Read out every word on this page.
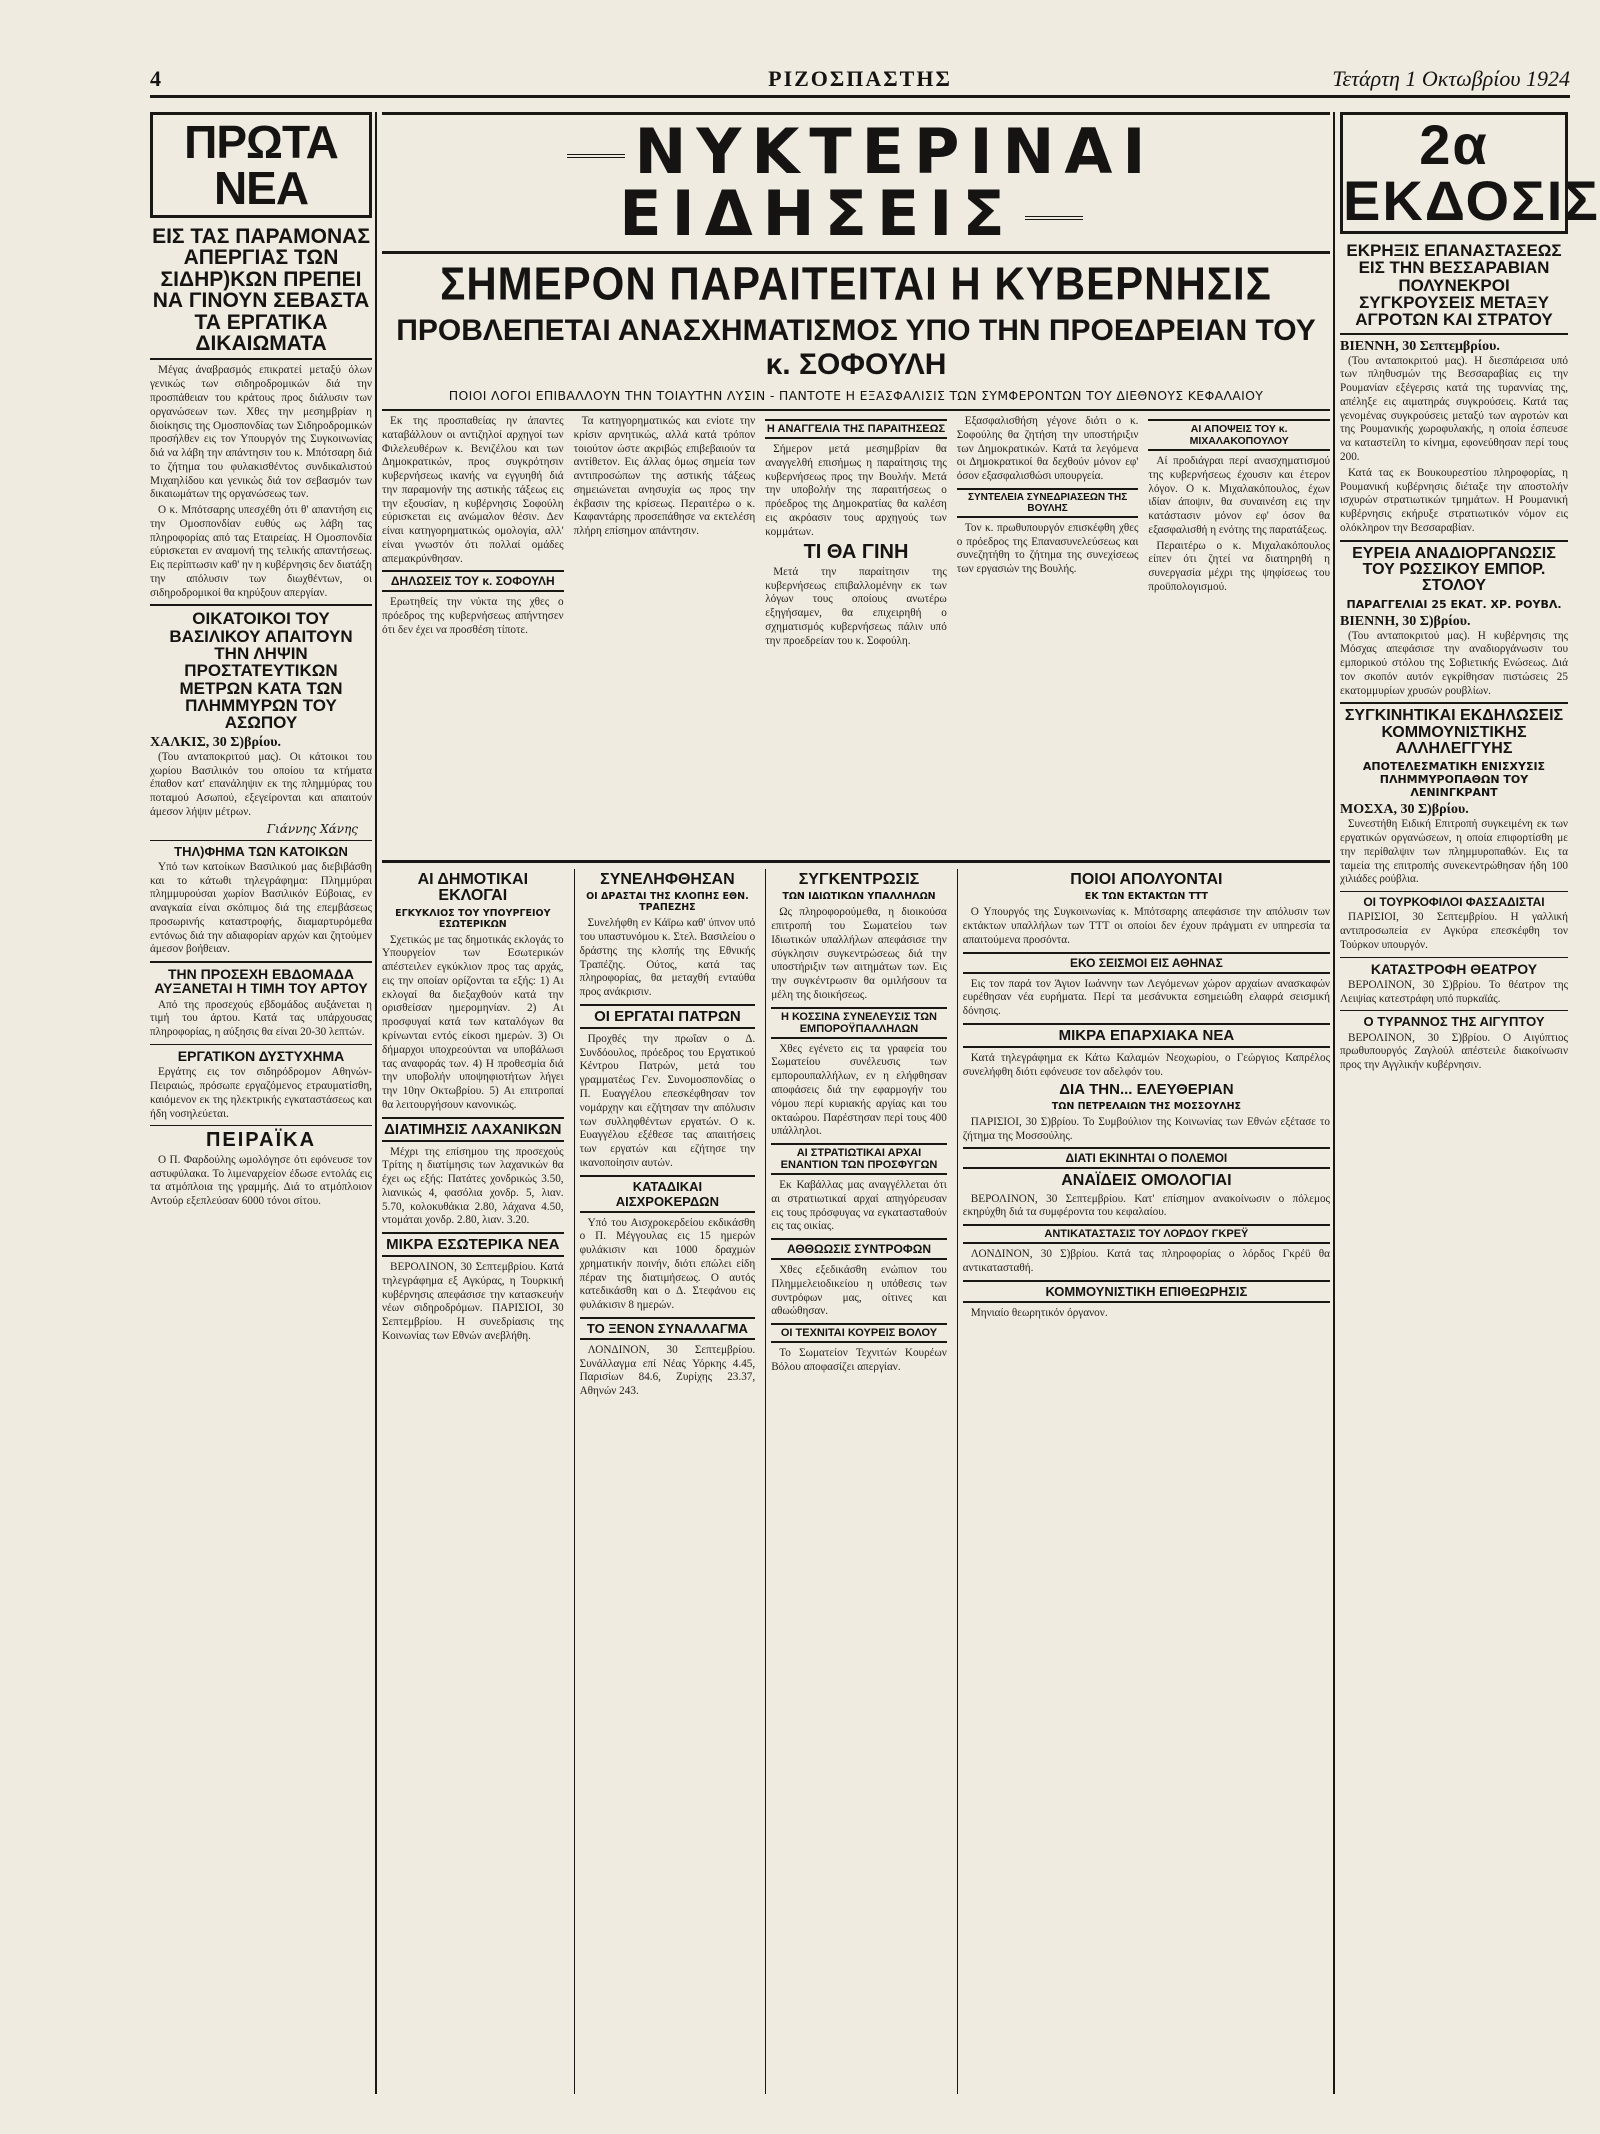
4	ΡΙΖΟΣΠΑΣΤΗΣ	Τετάρτη 1 Οκτωβρίου 1924
ΠΡΩΤΑ ΝΕΑ
ΕΙΣ ΤΑΣ ΠΑΡΑΜΟΝΑΣ ΑΠΕΡΓΙΑΣ ΤΩΝ ΣΙΔΗΡ)ΚΩΝ ΠΡΕΠΕΙ ΝΑ ΓΙΝΟΥΝ ΣΕΒΑΣΤΑ ΤΑ ΕΡΓΑΤΙΚΑ ΔΙΚΑΙΩΜΑΤΑ

Μέγας άναβρασμός επικρατεί μεταξύ όλων γενικώς των σιδηροδρομικών διά την προσπάθειαν του κράτους προς διάλυσιν των οργανώσεων των. Χθες την μεσημβρίαν η διοίκησις της Ομοσπονδίας των Σιδηροδρομικών προσήλθεν εις τον Υπουργόν της Συγκοινωνίας διά να λάβη την απάντησιν του κ. Μπότσαρη διά το ζήτημα του φυλακισθέντος συνδικαλιστού Μιχαηλίδου και γενικώς διά τον σεβασμόν των δικαιωμάτων της οργανώσεως των.

Ο κ. Μπότσαρης υπεσχέθη ότι θ' απαντήση εις την Ομοσπονδίαν ευθύς ως λάβη τας πληροφορίας από τας Εταιρείας. Η Ομοσπονδία εύρισκεται εν αναμονή της τελικής απαντήσεως. Εις περίπτωσιν καθ' ην η κυβέρνησις δεν διατάξη την απόλυσιν των διωχθέντων, οι σιδηροδρομικοί θα κηρύξουν απεργίαν.

ΟΙΚΑΤΟΙΚΟΙ ΤΟΥ ΒΑΣΙΛΙΚΟΥ ΑΠΑΙΤΟΥΝ ΤΗΝ ΛΗΨΙΝ ΠΡΟΣΤΑΤΕΥΤΙΚΩΝ ΜΕΤΡΩΝ ΚΑΤΑ ΤΩΝ ΠΛΗΜΜΥΡΩΝ ΤΟΥ ΑΣΩΠΟΥ
ΧΑΛΚΙΣ, 30 Σ)βρίου.

(Του ανταποκριτού μας). Οι κάτοικοι του χωρίου Βασιλικόν του οποίου τα κτήματα έπαθον κατ' επανάληψιν εκ της πλημμύρας του ποταμού Ασωπού, εξεγείρονται και απαιτούν άμεσον λήψιν μέτρων.

Γιάννης Χάνης
ΤΗΛ)ΦΗΜΑ ΤΩΝ ΚΑΤΟΙΚΩΝ

Υπό των κατοίκων Βασιλικού μας διεβιβάσθη και το κάτωθι τηλεγράφημα: Πλημμύραι πλημμυρούσαι χωρίον Βασιλικόν Εύβοιας, εν αναγκαία είναι σκόπιμος διά της επεμβάσεως προσωρινής καταστροφής, διαμαρτυρόμεθα εντόνως διά την αδιαφορίαν αρχών και ζητούμεν άμεσον βοήθειαν.

ΤΗΝ ΠΡΟΣΕΧΗ ΕΒΔΟΜΑΔΑ ΑΥΞΑΝΕΤΑΙ Η ΤΙΜΗ ΤΟΥ ΑΡΤΟΥ

Από της προσεχούς εβδομάδος αυξάνεται η τιμή του άρτου. Κατά τας υπάρχουσας πληροφορίας, η αύξησις θα είναι 20-30 λεπτών.

ΕΡΓΑΤΙΚΟΝ ΔΥΣΤΥΧΗΜΑ

Εργάτης εις τον σιδηρόδρομον Αθηνών-Πειραιώς, πρόσωπε εργαζόμενος ετραυματίσθη, καιόμενον εκ της ηλεκτρικής εγκαταστάσεως και ήδη νοσηλεύεται.

ΠΕΙΡΑΪΚΑ

Ο Π. Φαρδούλης ωμολόγησε ότι εφόνευσε τον αστυφύλακα. Το λιμεναρχείον έδωσε εντολάς εις τα ατμόπλοια της γραμμής. Διά το ατμόπλοιον Αντούρ εξεπλεύσαν 6000 τόνοι σίτου.

ΝΥΚΤΕΡΙΝΑΙ ΕΙΔΗΣΕΙΣ
ΣΗΜΕΡΟΝ ΠΑΡΑΙΤΕΙΤΑΙ Η ΚΥΒΕΡΝΗΣΙΣ
ΠΡΟΒΛΕΠΕΤΑΙ ΑΝΑΣΧΗΜΑΤΙΣΜΟΣ ΥΠΟ ΤΗΝ ΠΡΟΕΔΡΕΙΑΝ ΤΟΥ κ. ΣΟΦΟΥΛΗ
ΠΟΙΟΙ ΛΟΓΟΙ ΕΠΙΒΑΛΛΟΥΝ ΤΗΝ ΤΟΙΑΥΤΗΝ ΛΥΣΙΝ - ΠΑΝΤΟΤΕ Η ΕΞΑΣΦΑΛΙΣΙΣ ΤΩΝ ΣΥΜΦΕΡΟΝΤΩΝ ΤΟΥ ΔΙΕΘΝΟΥΣ ΚΕΦΑΛΑΙΟΥ

Εκ της προσπαθείας ην άπαντες καταβάλλουν οι αντιζηλοί αρχηγοί των Φιλελευθέρων κ. Βενιζέλου και των Δημοκρατικών, προς συγκρότησιν κυβερνήσεως ικανής να εγγυηθή διά την παραμονήν της αστικής τάξεως εις την εξουσίαν, η κυβέρνησις Σοφούλη εύρισκεται εις ανώμαλον θέσιν. Δεν είναι κατηγορηματικώς ομολογία, αλλ' είναι γνωστόν ότι πολλαί ομάδες απεμακρύνθησαν.

ΔΗΛΩΣΕΙΣ ΤΟΥ κ. ΣΟΦΟΥΛΗ

Ερωτηθείς την νύκτα της χθες ο πρόεδρος της κυβερνήσεως απήντησεν ότι δεν έχει να προσθέση τίποτε.

Τα κατηγορηματικώς και ενίοτε την κρίσιν αρνητικώς, αλλά κατά τρόπον τοιούτον ώστε ακριβώς επιβεβαιούν τα αντίθετον. Εις άλλας όμως σημεία των αντιπροσώπων της αστικής τάξεως σημειώνεται ανησυχία ως προς την έκβασιν της κρίσεως. Περαιτέρω ο κ. Καφαντάρης προσεπάθησε να εκτελέση πλήρη επίσημον απάντησιν.

Η ΑΝΑΓΓΕΛΙΑ ΤΗΣ ΠΑΡΑΙΤΗΣΕΩΣ

Σήμερον μετά μεσημβρίαν θα αναγγελθή επισήμως η παραίτησις της κυβερνήσεως προς την Βουλήν. Μετά την υποβολήν της παραιτήσεως ο πρόεδρος της Δημοκρατίας θα καλέση εις ακρόασιν τους αρχηγούς των κομμάτων.

ΤΙ ΘΑ ΓΙΝΗ

Μετά την παραίτησιν της κυβερνήσεως επιβαλλομένην εκ των λόγων τους οποίους ανωτέρω εξηγήσαμεν, θα επιχειρηθή ο σχηματισμός κυβερνήσεως πάλιν υπό την προεδρείαν του κ. Σοφούλη.

Εξασφαλισθήση γέγονε διότι ο κ. Σοφούλης θα ζητήση την υποστήριξιν των Δημοκρατικών. Κατά τα λεγόμενα οι Δημοκρατικοί θα δεχθούν μόνον εφ' όσον εξασφαλισθώσι υπουργεία.

ΣΥΝΤΕΛΕΙΑ ΣΥΝΕΔΡΙΑΣΕΩΝ ΤΗΣ ΒΟΥΛΗΣ

Τον κ. πρωθυπουργόν επισκέφθη χθες ο πρόεδρος της Επανασυνελεύσεως και συνεζητήθη το ζήτημα της συνεχίσεως των εργασιών της Βουλής.

ΑΙ ΑΠΟΨΕΙΣ ΤΟΥ κ. ΜΙΧΑΛΑΚΟΠΟΥΛΟΥ

Αί προδιάγραι περί ανασχηματισμού της κυβερνήσεως έχουσιν και έτερον λόγον. Ο κ. Μιχαλακόπουλος, έχων ιδίαν άποψιν, θα συναινέση εις την κατάστασιν μόνον εφ' όσον θα εξασφαλισθή η ενότης της παρατάξεως.

Περαιτέρω ο κ. Μιχαλακόπουλος είπεν ότι ζητεί να διατηρηθή η συνεργασία μέχρι της ψηφίσεως του προϋπολογισμού.

ΑΙ ΔΗΜΟΤΙΚΑΙ ΕΚΛΟΓΑΙ
ΕΓΚΥΚΛΙΟΣ ΤΟΥ ΥΠΟΥΡΓΕΙΟΥ ΕΣΩΤΕΡΙΚΩΝ

Σχετικώς με τας δημοτικάς εκλογάς το Υπουργείον των Εσωτερικών απέστειλεν εγκύκλιον προς τας αρχάς, εις την οποίαν ορίζονται τα εξής: 1) Αι εκλογαί θα διεξαχθούν κατά την ορισθείσαν ημερομηνίαν. 2) Αι προσφυγαί κατά των καταλόγων θα κρίνωνται εντός είκοσι ημερών. 3) Οι δήμαρχοι υποχρεούνται να υποβάλωσι τας αναφοράς των. 4) Η προθεσμία διά την υποβολήν υποψηφιοτήτων λήγει την 10ην Οκτωβρίου. 5) Αι επιτροπαί θα λειτουργήσουν κανονικώς.

ΔΙΑΤΙΜΗΣΙΣ ΛΑΧΑΝΙΚΩΝ

Μέχρι της επίσημου της προσεχούς Τρίτης η διατίμησις των λαχανικών θα έχει ως εξής: Πατάτες χονδρικώς 3.50, λιανικώς 4, φασόλια χονδρ. 5, λιαν. 5.70, κολοκυθάκια 2.80, λάχανα 4.50, ντομάται χονδρ. 2.80, λιαν. 3.20.

ΜΙΚΡΑ ΕΣΩΤΕΡΙΚΑ ΝΕΑ

ΒΕΡΟΛΙΝΟΝ, 30 Σεπτεμβρίου. Κατά τηλεγράφημα εξ Αγκύρας, η Τουρκική κυβέρνησις απεφάσισε την κατασκευήν νέων σιδηροδρόμων. ΠΑΡΙΣΙΟΙ, 30 Σεπτεμβρίου. Η συνεδρίασις της Κοινωνίας των Εθνών ανεβλήθη.

ΣΥΝΕΛΗΦΘΗΣΑΝ
ΟΙ ΔΡΑΣΤΑΙ ΤΗΣ ΚΛΟΠΗΣ ΕΘΝ. ΤΡΑΠΕΖΗΣ

Συνελήφθη εν Κάϊρω καθ' ύπνον υπό του υπαστυνόμου κ. Στελ. Βασιλείου ο δράστης της κλοπής της Εθνικής Τραπέζης. Ούτος, κατά τας πληροφορίας, θα μεταχθή ενταύθα προς ανάκρισιν.

ΟΙ ΕΡΓΑΤΑΙ ΠΑΤΡΩΝ

Προχθές την πρωΐαν ο Δ. Συνδόουλος, πρόεδρος του Εργατικού Κέντρου Πατρών, μετά του γραμματέως Γεν. Συνομοσπονδίας ο Π. Ευαγγέλου επεσκέφθησαν τον νομάρχην και εζήτησαν την απόλυσιν των συλληφθέντων εργατών. Ο κ. Ευαγγέλου εξέθεσε τας απαιτήσεις των εργατών και εζήτησε την ικανοποίησιν αυτών.

ΚΑΤΑΔΙΚΑΙ ΑΙΣΧΡΟΚΕΡΔΩΝ

Υπό του Αισχροκερδείου εκδικάσθη ο Π. Μέγγουλας εις 15 ημερών φυλάκισιν και 1000 δραχμών χρηματικήν ποινήν, διότι επώλει είδη πέραν της διατιμήσεως. Ο αυτός κατεδικάσθη και ο Δ. Στεφάνου εις φυλάκισιν 8 ημερών.

ΤΟ ΞΕΝΟΝ ΣΥΝΑΛΛΑΓΜΑ

ΛΟΝΔΙΝΟΝ, 30 Σεπτεμβρίου. Συνάλλαγμα επί Νέας Υόρκης 4.45, Παρισίων 84.6, Ζυρίχης 23.37, Αθηνών 243.

ΣΥΓΚΕΝΤΡΩΣΙΣ
ΤΩΝ ΙΔΙΩΤΙΚΩΝ ΥΠΑΛΛΗΛΩΝ

Ως πληροφορούμεθα, η διοικούσα επιτροπή του Σωματείου των Ιδιωτικών υπαλλήλων απεφάσισε την σύγκλησιν συγκεντρώσεως διά την υποστήριξιν των αιτημάτων των. Εις την συγκέντρωσιν θα ομιλήσουν τα μέλη της διοικήσεως.

Η ΚΟΣΣΙΝΑ ΣΥΝΕΛΕΥΣΙΣ ΤΩΝ ΕΜΠΟΡΟΫΠΑΛΛΗΛΩΝ

Χθες εγένετο εις τα γραφεία του Σωματείου συνέλευσις των εμπορουπαλλήλων, εν η ελήφθησαν αποφάσεις διά την εφαρμογήν του νόμου περί κυριακής αργίας και του οκταώρου. Παρέστησαν περί τους 400 υπάλληλοι.

ΑΙ ΣΤΡΑΤΙΩΤΙΚΑΙ ΑΡΧΑΙ ΕΝΑΝΤΙΟΝ ΤΩΝ ΠΡΟΣΦΥΓΩΝ

Εκ Καβάλλας μας αναγγέλλεται ότι αι στρατιωτικαί αρχαί απηγόρευσαν εις τους πρόσφυγας να εγκατασταθούν εις τας οικίας.

ΑΘΘΩΩΣΙΣ ΣΥΝΤΡΟΦΩΝ

Χθες εξεδικάσθη ενώπιον του Πλημμελειοδικείου η υπόθεσις των συντρόφων μας, οίτινες και αθωώθησαν.

ΟΙ ΤΕΧΝΙΤΑΙ ΚΟΥΡΕΙΣ ΒΟΛΟΥ

Το Σωματείον Τεχνιτών Κουρέων Βόλου αποφασίζει απεργίαν.

ΠΟΙΟΙ ΑΠΟΛΥΟΝΤΑΙ
ΕΚ ΤΩΝ ΕΚΤΑΚΤΩΝ ΤΤΤ

Ο Υπουργός της Συγκοινωνίας κ. Μπότσαρης απεφάσισε την απόλυσιν των εκτάκτων υπαλλήλων των ΤΤΤ οι οποίοι δεν έχουν πράγματι εν υπηρεσία τα απαιτούμενα προσόντα.

ΕΚΟ ΣΕΙΣΜΟΙ ΕΙΣ ΑΘΗΝΑΣ

Εις τον παρά τον Άγιον Ιωάννην των Λεγόμενων χώρον αρχαίων ανασκαφών ευρέθησαν νέα ευρήματα. Περί τα μεσάνυκτα εσημειώθη ελαφρά σεισμική δόνησις.

ΜΙΚΡΑ ΕΠΑΡΧΙΑΚΑ ΝΕΑ

Κατά τηλεγράφημα εκ Κάτω Καλαμών Νεοχωρίου, ο Γεώργιος Καπρέλος συνελήφθη διότι εφόνευσε τον αδελφόν του.

ΔΙΑ ΤΗΝ... ΕΛΕΥΘΕΡΙΑΝ
ΤΩΝ ΠΕΤΡΕΛΑΙΩΝ ΤΗΣ ΜΟΣΣΟΥΛΗΣ

ΠΑΡΙΣΙΟΙ, 30 Σ)βρίου. Το Συμβούλιον της Κοινωνίας των Εθνών εξέτασε το ζήτημα της Μοσσούλης.

ΔΙΑΤΙ ΕΚΙΝΗΤΑΙ Ο ΠΟΛΕΜΟΙ
ΑΝΑΪΔΕΙΣ ΟΜΟΛΟΓΙΑΙ

ΒΕΡΟΛΙΝΟΝ, 30 Σεπτεμβρίου. Κατ' επίσημον ανακοίνωσιν ο πόλεμος εκηρύχθη διά τα συμφέροντα του κεφαλαίου.

ΑΝΤΙΚΑΤΑΣΤΑΣΙΣ ΤΟΥ ΛΟΡΔΟΥ ΓΚΡΕΫ

ΛΟΝΔΙΝΟΝ, 30 Σ)βρίου. Κατά τας πληροφορίας ο λόρδος Γκρέϋ θα αντικατασταθή.

ΚΟΜΜΟΥΝΙΣΤΙΚΗ ΕΠΙΘΕΩΡΗΣΙΣ

Μηνιαίο θεωρητικόν όργανον.

2α ΕΚΔΟΣΙΣ
ΕΚΡΗΞΙΣ ΕΠΑΝΑΣΤΑΣΕΩΣ ΕΙΣ ΤΗΝ ΒΕΣΣΑΡΑΒΙΑΝ ΠΟΛΥΝΕΚΡΟΙ ΣΥΓΚΡΟΥΣΕΙΣ ΜΕΤΑΞΥ ΑΓΡΟΤΩΝ ΚΑΙ ΣΤΡΑΤΟΥ
ΒΙΕΝΝΗ, 30 Σεπτεμβρίου.

(Του ανταποκριτού μας). Η διεσπάρεισα υπό των πληθυσμών της Βεσσαραβίας εις την Ρουμανίαν εξέγερσις κατά της τυραννίας της, απέληξε εις αιματηράς συγκρούσεις. Κατά τας γενομένας συγκρούσεις μεταξύ των αγροτών και της Ρουμανικής χωροφυλακής, η οποία έσπευσε να καταστείλη το κίνημα, εφονεύθησαν περί τους 200.

Κατά τας εκ Βουκουρεστίου πληροφορίας, η Ρουμανική κυβέρνησις διέταξε την αποστολήν ισχυρών στρατιωτικών τμημάτων. Η Ρουμανική κυβέρνησις εκήρυξε στρατιωτικόν νόμον εις ολόκληρον την Βεσσαραβίαν.

ΕΥΡΕΙΑ ΑΝΑΔΙΟΡΓΑΝΩΣΙΣ ΤΟΥ ΡΩΣΣΙΚΟΥ ΕΜΠΟΡ. ΣΤΟΛΟΥ
ΠΑΡΑΓΓΕΛΙΑΙ 25 ΕΚΑΤ. ΧΡ. ΡΟΥΒΛ.
ΒΙΕΝΝΗ, 30 Σ)βρίου.

(Του ανταποκριτού μας). Η κυβέρνησις της Μόσχας απεφάσισε την αναδιοργάνωσιν του εμπορικού στόλου της Σοβιετικής Ενώσεως. Διά τον σκοπόν αυτόν εγκρίθησαν πιστώσεις 25 εκατομμυρίων χρυσών ρουβλίων.

ΣΥΓΚΙΝΗΤΙΚΑΙ ΕΚΔΗΛΩΣΕΙΣ ΚΟΜΜΟΥΝΙΣΤΙΚΗΣ ΑΛΛΗΛΕΓΓΥΗΣ
ΑΠΟΤΕΛΕΣΜΑΤΙΚΗ ΕΝΙΣΧΥΣΙΣ ΠΛΗΜΜΥΡΟΠΑΘΩΝ ΤΟΥ ΛΕΝΙΝΓΚΡΑΝΤ
ΜΟΣΧΑ, 30 Σ)βρίου.

Συνεστήθη Ειδική Επιτροπή συγκειμένη εκ των εργατικών οργανώσεων, η οποία επιφορτίσθη με την περίθαλψιν των πλημμυροπαθών. Εις τα ταμεία της επιτροπής συνεκεντρώθησαν ήδη 100 χιλιάδες ρούβλια.

ΟΙ ΤΟΥΡΚΟΦΙΛΟΙ ΦΑΣΣΑΔΙΣΤΑΙ

ΠΑΡΙΣΙΟΙ, 30 Σεπτεμβρίου. Η γαλλική αντιπροσωπεία εν Αγκύρα επεσκέφθη τον Τούρκον υπουργόν.

ΚΑΤΑΣΤΡΟΦΗ ΘΕΑΤΡΟΥ

ΒΕΡΟΛΙΝΟΝ, 30 Σ)βρίου. Το θέατρον της Λειψίας κατεστράφη υπό πυρκαϊάς.

Ο ΤΥΡΑΝΝΟΣ ΤΗΣ ΑΙΓΥΠΤΟΥ

ΒΕΡΟΛΙΝΟΝ, 30 Σ)βρίου. Ο Αιγύπτιος πρωθυπουργός Ζαγλούλ απέστειλε διακοίνωσιν προς την Αγγλικήν κυβέρνησιν.
